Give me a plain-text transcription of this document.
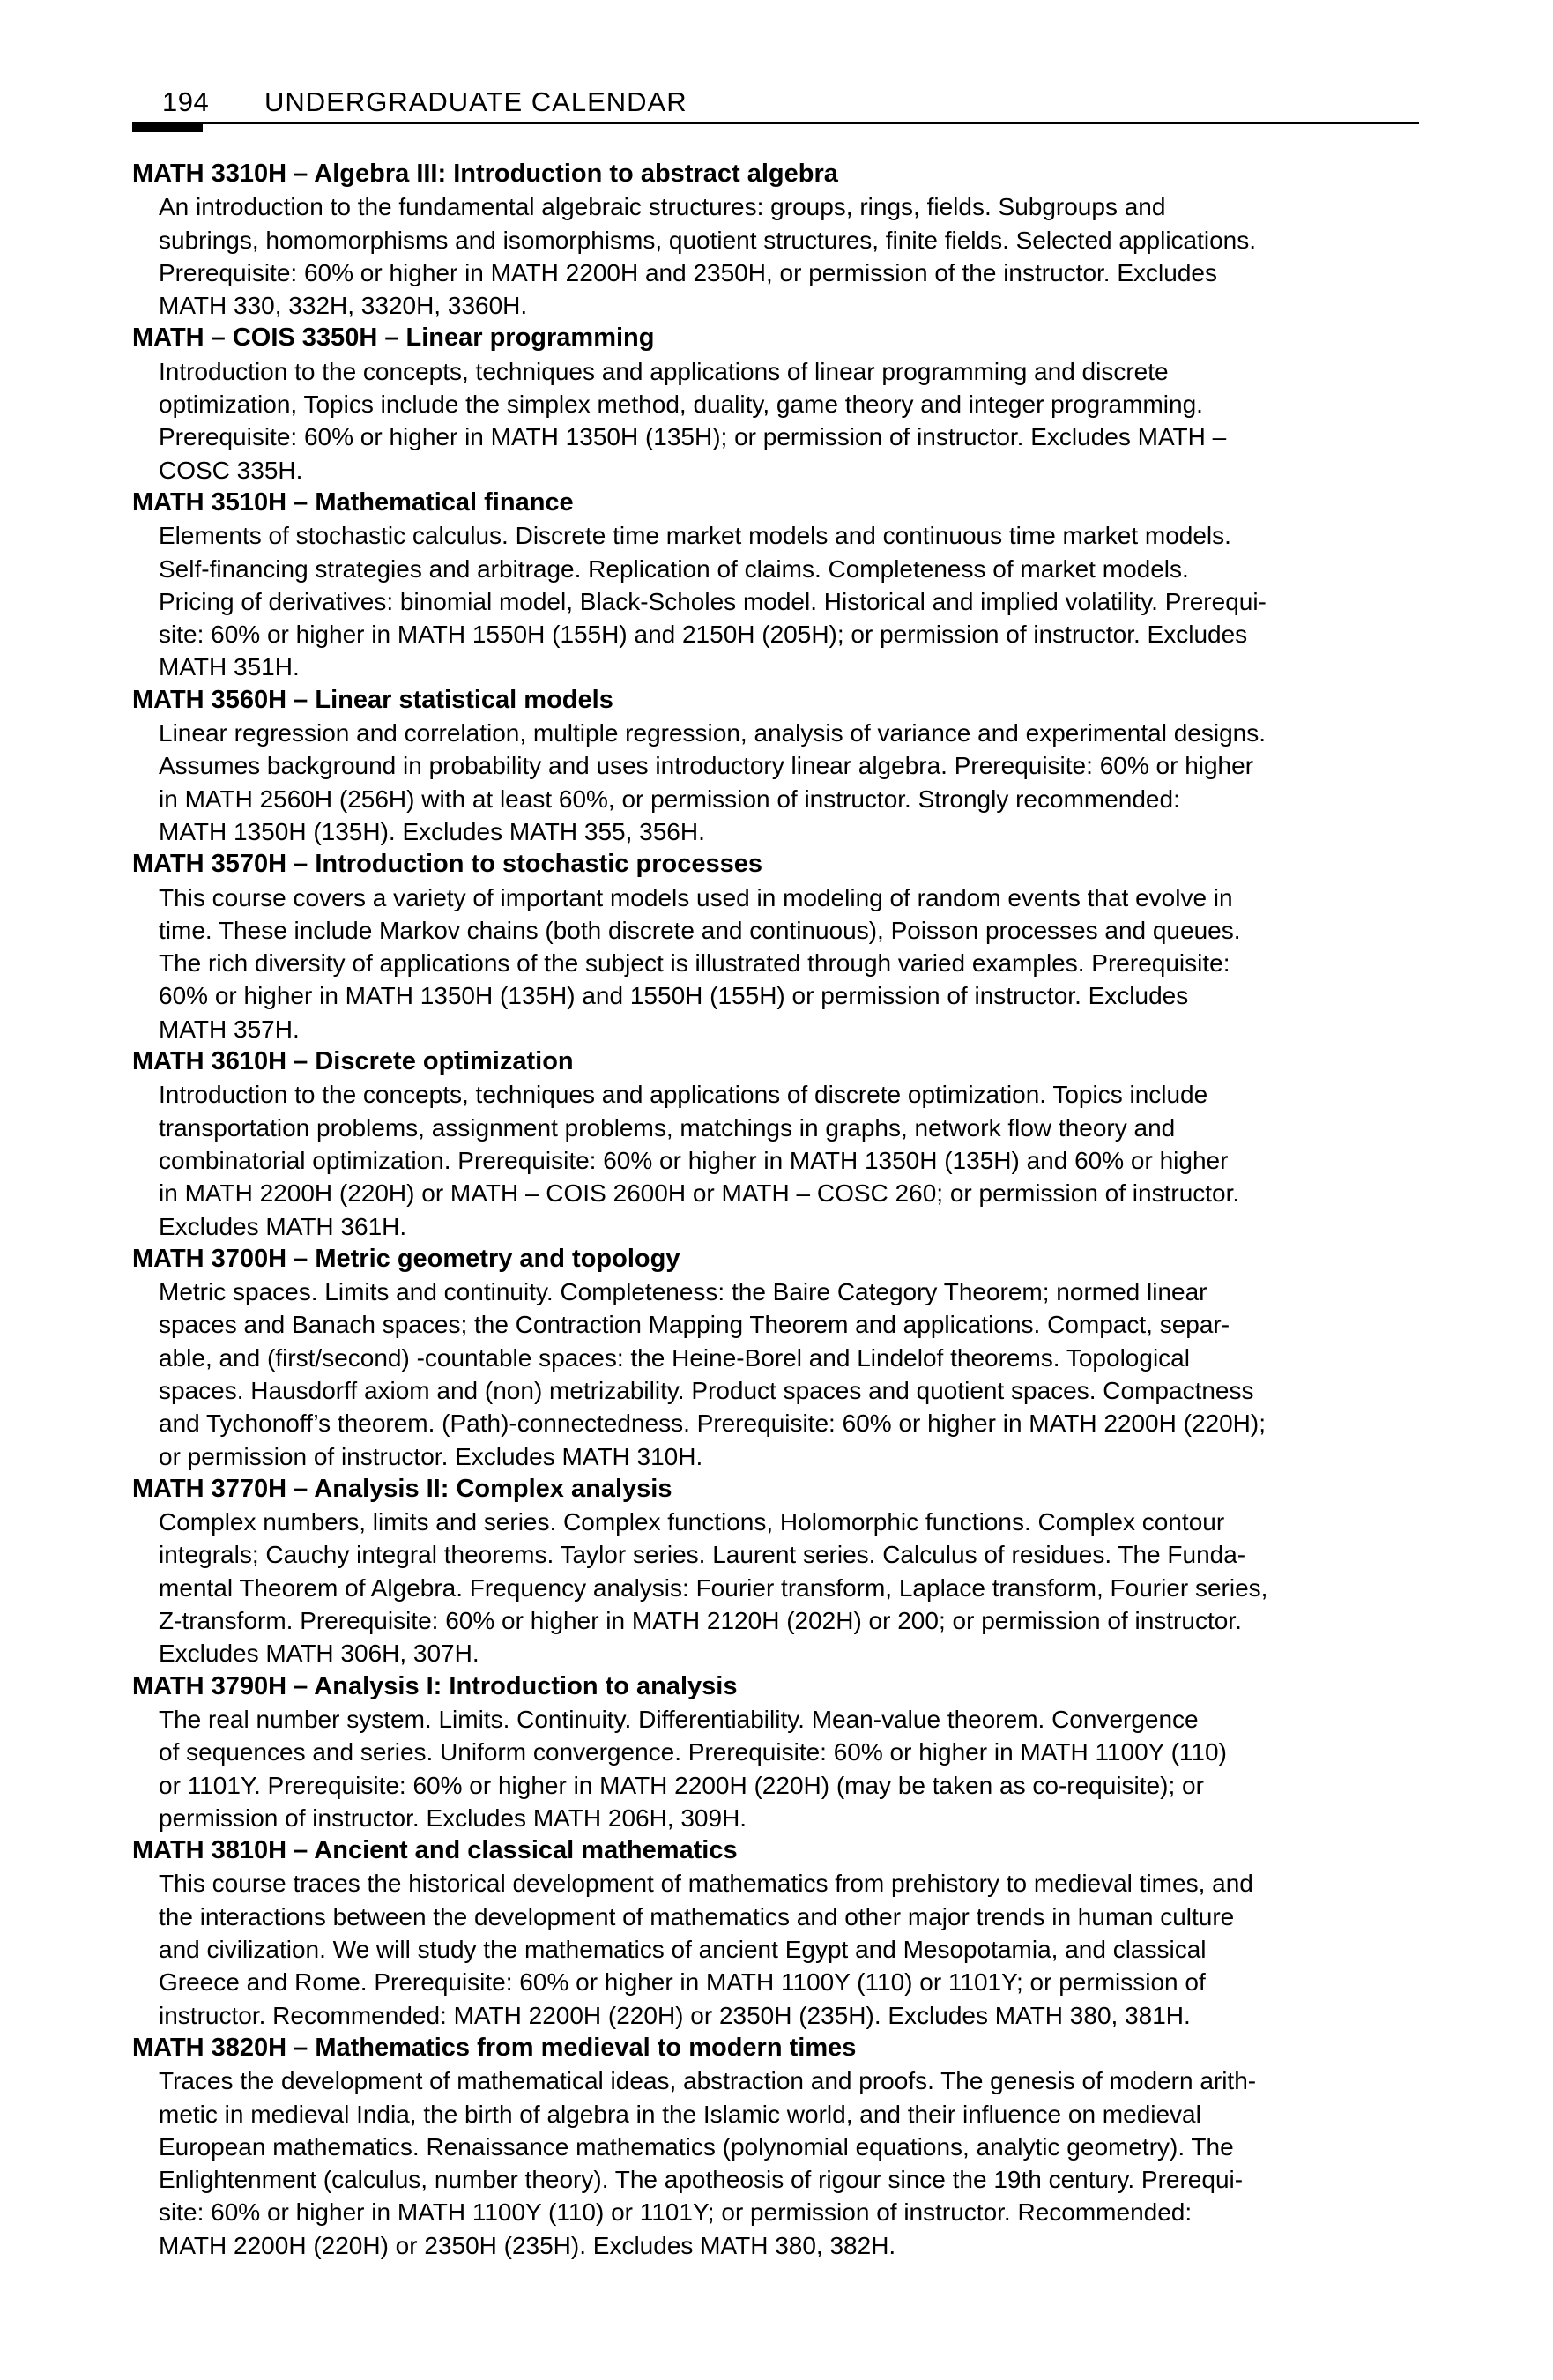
194 UNDERGRADUATE CALENDAR
MATH 3310H – Algebra III: Introduction to abstract algebra
An introduction to the fundamental algebraic structures: groups, rings, fields. Subgroups and
subrings, homomorphisms and isomorphisms, quotient structures, finite fields. Selected applications.
Prerequisite: 60% or higher in MATH 2200H and 2350H, or permission of the instructor. Excludes
MATH 330, 332H, 3320H, 3360H.
MATH – COIS 3350H – Linear programming
Introduction to the concepts, techniques and applications of linear programming and discrete
optimization, Topics include the simplex method, duality, game theory and integer programming.
Prerequisite: 60% or higher in MATH 1350H (135H); or permission of instructor. Excludes MATH –
COSC 335H.
MATH 3510H – Mathematical finance
Elements of stochastic calculus. Discrete time market models and continuous time market models.
Self-financing strategies and arbitrage. Replication of claims. Completeness of market models.
Pricing of derivatives: binomial model, Black-Scholes model. Historical and implied volatility. Prerequi-
site: 60% or higher in MATH 1550H (155H) and 2150H (205H); or permission of instructor. Excludes
MATH 351H.
MATH 3560H – Linear statistical models
Linear regression and correlation, multiple regression, analysis of variance and experimental designs.
Assumes background in probability and uses introductory linear algebra. Prerequisite: 60% or higher
in MATH 2560H (256H) with at least 60%, or permission of instructor. Strongly recommended:
MATH 1350H (135H). Excludes MATH 355, 356H.
MATH 3570H – Introduction to stochastic processes
This course covers a variety of important models used in modeling of random events that evolve in
time. These include Markov chains (both discrete and continuous), Poisson processes and queues.
The rich diversity of applications of the subject is illustrated through varied examples. Prerequisite:
60% or higher in MATH 1350H (135H) and 1550H (155H) or permission of instructor. Excludes
MATH 357H.
MATH 3610H – Discrete optimization
Introduction to the concepts, techniques and applications of discrete optimization. Topics include
transportation problems, assignment problems, matchings in graphs, network flow theory and
combinatorial optimization. Prerequisite: 60% or higher in MATH 1350H (135H) and 60% or higher
in MATH 2200H (220H) or MATH – COIS 2600H or MATH – COSC 260; or permission of instructor.
Excludes MATH 361H.
MATH 3700H – Metric geometry and topology
Metric spaces. Limits and continuity. Completeness: the Baire Category Theorem; normed linear
spaces and Banach spaces; the Contraction Mapping Theorem and applications. Compact, separ-
able, and (first/second) -countable spaces: the Heine-Borel and Lindelof theorems. Topological
spaces. Hausdorff axiom and (non) metrizability. Product spaces and quotient spaces. Compactness
and Tychonoff’s theorem. (Path)-connectedness. Prerequisite: 60% or higher in MATH 2200H (220H);
or permission of instructor. Excludes MATH 310H.
MATH 3770H – Analysis II: Complex analysis
Complex numbers, limits and series. Complex functions, Holomorphic functions. Complex contour
integrals; Cauchy integral theorems. Taylor series. Laurent series. Calculus of residues. The Funda-
mental Theorem of Algebra. Frequency analysis: Fourier transform, Laplace transform, Fourier series,
Z-transform. Prerequisite: 60% or higher in MATH 2120H (202H) or 200; or permission of instructor.
Excludes MATH 306H, 307H.
MATH 3790H – Analysis I: Introduction to analysis
The real number system. Limits. Continuity. Differentiability. Mean-value theorem. Convergence
of sequences and series. Uniform convergence. Prerequisite: 60% or higher in MATH 1100Y (110)
or 1101Y. Prerequisite: 60% or higher in MATH 2200H (220H) (may be taken as co-requisite); or
permission of instructor. Excludes MATH 206H, 309H.
MATH 3810H – Ancient and classical mathematics
This course traces the historical development of mathematics from prehistory to medieval times, and
the interactions between the development of mathematics and other major trends in human culture
and civilization. We will study the mathematics of ancient Egypt and Mesopotamia, and classical
Greece and Rome. Prerequisite: 60% or higher in MATH 1100Y (110) or 1101Y; or permission of
instructor. Recommended: MATH 2200H (220H) or 2350H (235H). Excludes MATH 380, 381H.
MATH 3820H – Mathematics from medieval to modern times
Traces the development of mathematical ideas, abstraction and proofs. The genesis of modern arith-
metic in medieval India, the birth of algebra in the Islamic world, and their influence on medieval
European mathematics. Renaissance mathematics (polynomial equations, analytic geometry). The
Enlightenment (calculus, number theory). The apotheosis of rigour since the 19th century. Prerequi-
site: 60% or higher in MATH 1100Y (110) or 1101Y; or permission of instructor. Recommended:
MATH 2200H (220H) or 2350H (235H). Excludes MATH 380, 382H.
